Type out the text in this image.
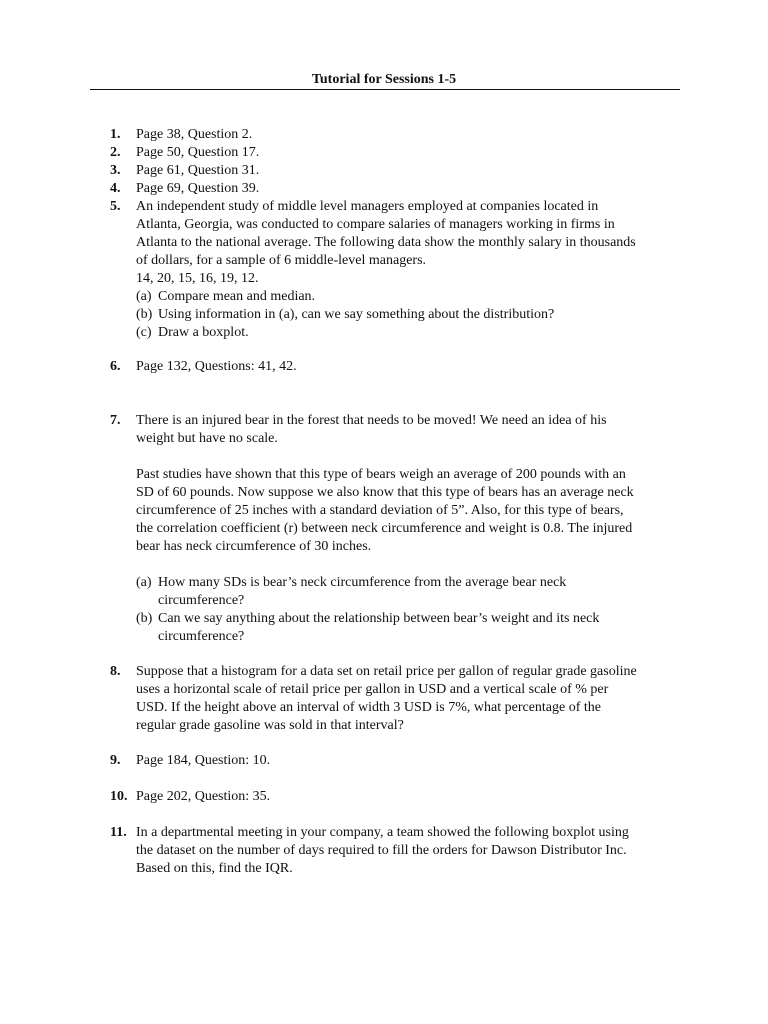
Tutorial for Sessions 1-5
1.	Page 38, Question 2.
2.	Page 50, Question 17.
3.	Page 61, Question 31.
4.	Page 69, Question 39.
5.	An independent study of middle level managers employed at companies located in
Atlanta, Georgia, was conducted to compare salaries of managers working in firms in
Atlanta to the national average. The following data show the monthly salary in thousands
of dollars, for a sample of 6 middle-level managers.
14, 20, 15, 16, 19, 12.
(a) Compare mean and median.
(b) Using information in (a), can we say something about the distribution?
(c) Draw a boxplot.
6.	Page 132, Questions: 41, 42.
7.	There is an injured bear in the forest that needs to be moved! We need an idea of his
weight but have no scale.
Past studies have shown that this type of bears weigh an average of 200 pounds with an
SD of 60 pounds. Now suppose we also know that this type of bears has an average neck
circumference of 25 inches with a standard deviation of 5”. Also, for this type of bears,
the correlation coefficient (r) between neck circumference and weight is 0.8. The injured
bear has neck circumference of 30 inches.
(a) How many SDs is bear’s neck circumference from the average bear neck
circumference?
(b) Can we say anything about the relationship between bear’s weight and its neck
circumference?
8.	Suppose that a histogram for a data set on retail price per gallon of regular grade gasoline
uses a horizontal scale of retail price per gallon in USD and a vertical scale of % per
USD. If the height above an interval of width 3 USD is 7%, what percentage of the
regular grade gasoline was sold in that interval?
9.	Page 184, Question: 10.
10. Page 202, Question: 35.
11. In a departmental meeting in your company, a team showed the following boxplot using
the dataset on the number of days required to fill the orders for Dawson Distributor Inc.
Based on this, find the IQR.
